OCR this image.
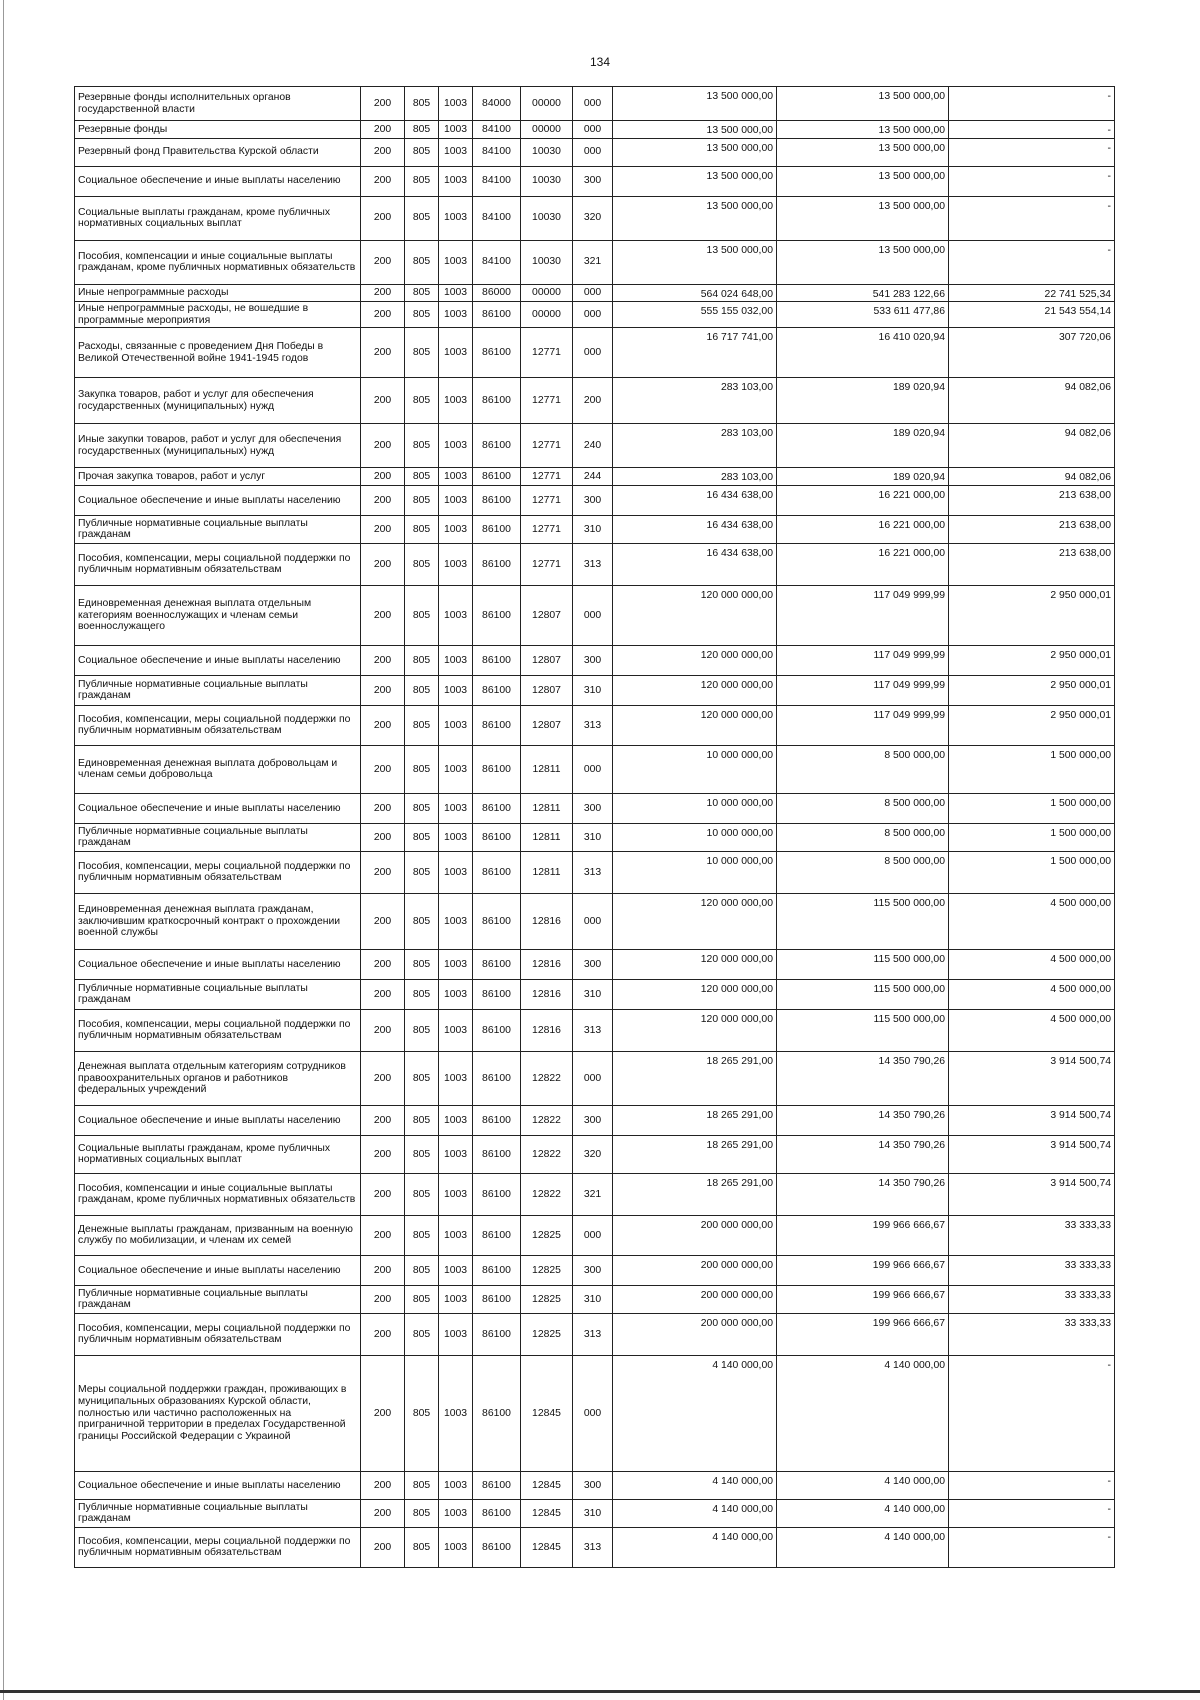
134
Резервные фонды исполнительных органов государственной власти	200	805	1003	84000	00000	000	13 500 000,00	13 500 000,00	-
Резервные фонды	200	805	1003	84100	00000	000	13 500 000,00	13 500 000,00	-
Резервный фонд Правительства Курской области	200	805	1003	84100	10030	000	13 500 000,00	13 500 000,00	-
Социальное обеспечение и иные выплаты населению	200	805	1003	84100	10030	300	13 500 000,00	13 500 000,00	-
Социальные выплаты гражданам, кроме публичных нормативных социальных выплат	200	805	1003	84100	10030	320	13 500 000,00	13 500 000,00	-
Пособия, компенсации и иные социальные выплаты гражданам, кроме публичных нормативных обязательств	200	805	1003	84100	10030	321	13 500 000,00	13 500 000,00	-
Иные непрограммные расходы	200	805	1003	86000	00000	000	564 024 648,00	541 283 122,66	22 741 525,34
Иные непрограммные расходы, не вошедшие в программные мероприятия	200	805	1003	86100	00000	000	555 155 032,00	533 611 477,86	21 543 554,14
Расходы, связанные с проведением Дня Победы в Великой Отечественной войне 1941-1945 годов	200	805	1003	86100	12771	000	16 717 741,00	16 410 020,94	307 720,06
Закупка товаров, работ и услуг для обеспечения государственных (муниципальных) нужд	200	805	1003	86100	12771	200	283 103,00	189 020,94	94 082,06
Иные закупки товаров, работ и услуг для обеспечения государственных (муниципальных) нужд	200	805	1003	86100	12771	240	283 103,00	189 020,94	94 082,06
Прочая закупка товаров, работ и услуг	200	805	1003	86100	12771	244	283 103,00	189 020,94	94 082,06
Социальное обеспечение и иные выплаты населению	200	805	1003	86100	12771	300	16 434 638,00	16 221 000,00	213 638,00
Публичные нормативные социальные выплаты гражданам	200	805	1003	86100	12771	310	16 434 638,00	16 221 000,00	213 638,00
Пособия, компенсации, меры социальной поддержки по публичным нормативным обязательствам	200	805	1003	86100	12771	313	16 434 638,00	16 221 000,00	213 638,00
Единовременная денежная выплата отдельным категориям военнослужащих и членам семьи военнослужащего	200	805	1003	86100	12807	000	120 000 000,00	117 049 999,99	2 950 000,01
Социальное обеспечение и иные выплаты населению	200	805	1003	86100	12807	300	120 000 000,00	117 049 999,99	2 950 000,01
Публичные нормативные социальные выплаты гражданам	200	805	1003	86100	12807	310	120 000 000,00	117 049 999,99	2 950 000,01
Пособия, компенсации, меры социальной поддержки по публичным нормативным обязательствам	200	805	1003	86100	12807	313	120 000 000,00	117 049 999,99	2 950 000,01
Единовременная денежная выплата добровольцам и членам семьи добровольца	200	805	1003	86100	12811	000	10 000 000,00	8 500 000,00	1 500 000,00
Социальное обеспечение и иные выплаты населению	200	805	1003	86100	12811	300	10 000 000,00	8 500 000,00	1 500 000,00
Публичные нормативные социальные выплаты гражданам	200	805	1003	86100	12811	310	10 000 000,00	8 500 000,00	1 500 000,00
Пособия, компенсации, меры социальной поддержки по публичным нормативным обязательствам	200	805	1003	86100	12811	313	10 000 000,00	8 500 000,00	1 500 000,00
Единовременная денежная выплата гражданам, заключившим краткосрочный контракт о прохождении военной службы	200	805	1003	86100	12816	000	120 000 000,00	115 500 000,00	4 500 000,00
Социальное обеспечение и иные выплаты населению	200	805	1003	86100	12816	300	120 000 000,00	115 500 000,00	4 500 000,00
Публичные нормативные социальные выплаты гражданам	200	805	1003	86100	12816	310	120 000 000,00	115 500 000,00	4 500 000,00
Пособия, компенсации, меры социальной поддержки по публичным нормативным обязательствам	200	805	1003	86100	12816	313	120 000 000,00	115 500 000,00	4 500 000,00
Денежная выплата отдельным категориям сотрудников правоохранительных органов и работников федеральных учреждений	200	805	1003	86100	12822	000	18 265 291,00	14 350 790,26	3 914 500,74
Социальное обеспечение и иные выплаты населению	200	805	1003	86100	12822	300	18 265 291,00	14 350 790,26	3 914 500,74
Социальные выплаты гражданам, кроме публичных нормативных социальных выплат	200	805	1003	86100	12822	320	18 265 291,00	14 350 790,26	3 914 500,74
Пособия, компенсации и иные социальные выплаты гражданам, кроме публичных нормативных обязательств	200	805	1003	86100	12822	321	18 265 291,00	14 350 790,26	3 914 500,74
Денежные выплаты гражданам, призванным на военную службу по мобилизации, и членам их семей	200	805	1003	86100	12825	000	200 000 000,00	199 966 666,67	33 333,33
Социальное обеспечение и иные выплаты населению	200	805	1003	86100	12825	300	200 000 000,00	199 966 666,67	33 333,33
Публичные нормативные социальные выплаты гражданам	200	805	1003	86100	12825	310	200 000 000,00	199 966 666,67	33 333,33
Пособия, компенсации, меры социальной поддержки по публичным нормативным обязательствам	200	805	1003	86100	12825	313	200 000 000,00	199 966 666,67	33 333,33
Меры социальной поддержки граждан, проживающих в муниципальных образованиях Курской области, полностью или частично расположенных на приграничной территории в пределах Государственной границы Российской Федерации с Украиной	200	805	1003	86100	12845	000	4 140 000,00	4 140 000,00	-
Социальное обеспечение и иные выплаты населению	200	805	1003	86100	12845	300	4 140 000,00	4 140 000,00	-
Публичные нормативные социальные выплаты гражданам	200	805	1003	86100	12845	310	4 140 000,00	4 140 000,00	-
Пособия, компенсации, меры социальной поддержки по публичным нормативным обязательствам	200	805	1003	86100	12845	313	4 140 000,00	4 140 000,00	-
